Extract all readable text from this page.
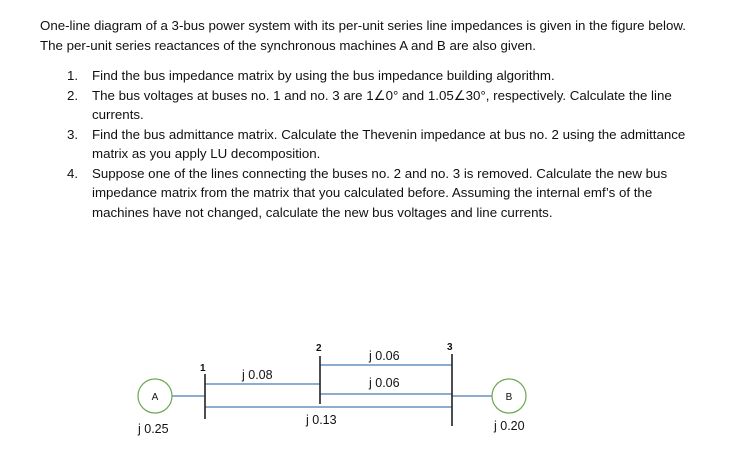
One-line diagram of a 3-bus power system with its per-unit series line impedances is given in the figure below. The per-unit series reactances of the synchronous machines A and B are also given.

1. Find the bus impedance matrix by using the bus impedance building algorithm.
2. The bus voltages at buses no. 1 and no. 3 are 1∠0° and 1.05∠30°, respectively. Calculate the line currents.
3. Find the bus admittance matrix. Calculate the Thevenin impedance at bus no. 2 using the admittance matrix as you apply LU decomposition.
4. Suppose one of the lines connecting the buses no. 2 and no. 3 is removed. Calculate the new bus impedance matrix from the matrix that you calculated before. Assuming the internal emf’s of the machines have not changed, calculate the new bus voltages and line currents.
1
2	3
j 0.08
j 0.06
j 0.06
j 0.13
A
j 0.25
B
j 0.20
